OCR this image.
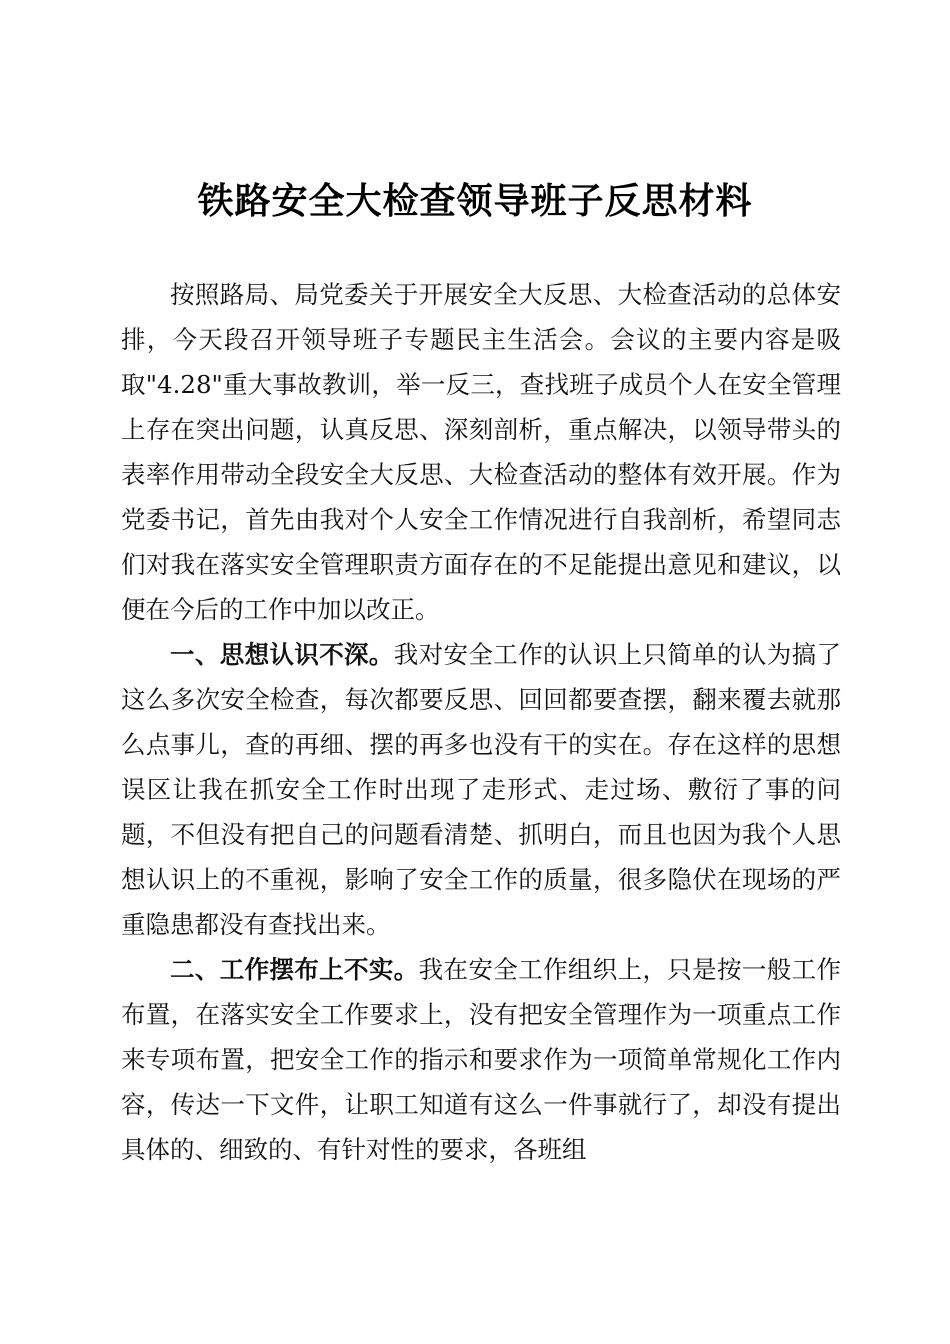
铁路安全大检查领导班子反思材料

按照路局、局党委关于开展安全大反思、大检查活动的总体安排，今天段召开领导班子专题民主生活会。会议的主要内容是吸取"4.28"重大事故教训，举一反三，查找班子成员个人在安全管理上存在突出问题，认真反思、深刻剖析，重点解决，以领导带头的表率作用带动全段安全大反思、大检查活动的整体有效开展。作为党委书记，首先由我对个人安全工作情况进行自我剖析，希望同志们对我在落实安全管理职责方面存在的不足能提出意见和建议，以便在今后的工作中加以改正。

一、思想认识不深。我对安全工作的认识上只简单的认为搞了这么多次安全检查，每次都要反思、回回都要查摆，翻来覆去就那么点事儿，查的再细、摆的再多也没有干的实在。存在这样的思想误区让我在抓安全工作时出现了走形式、走过场、敷衍了事的问题，不但没有把自己的问题看清楚、抓明白，而且也因为我个人思想认识上的不重视，影响了安全工作的质量，很多隐伏在现场的严重隐患都没有查找出来。

二、工作摆布上不实。我在安全工作组织上，只是按一般工作布置，在落实安全工作要求上，没有把安全管理作为一项重点工作来专项布置，把安全工作的指示和要求作为一项简单常规化工作内容，传达一下文件，让职工知道有这么一件事就行了，却没有提出具体的、细致的、有针对性的要求，各班组
